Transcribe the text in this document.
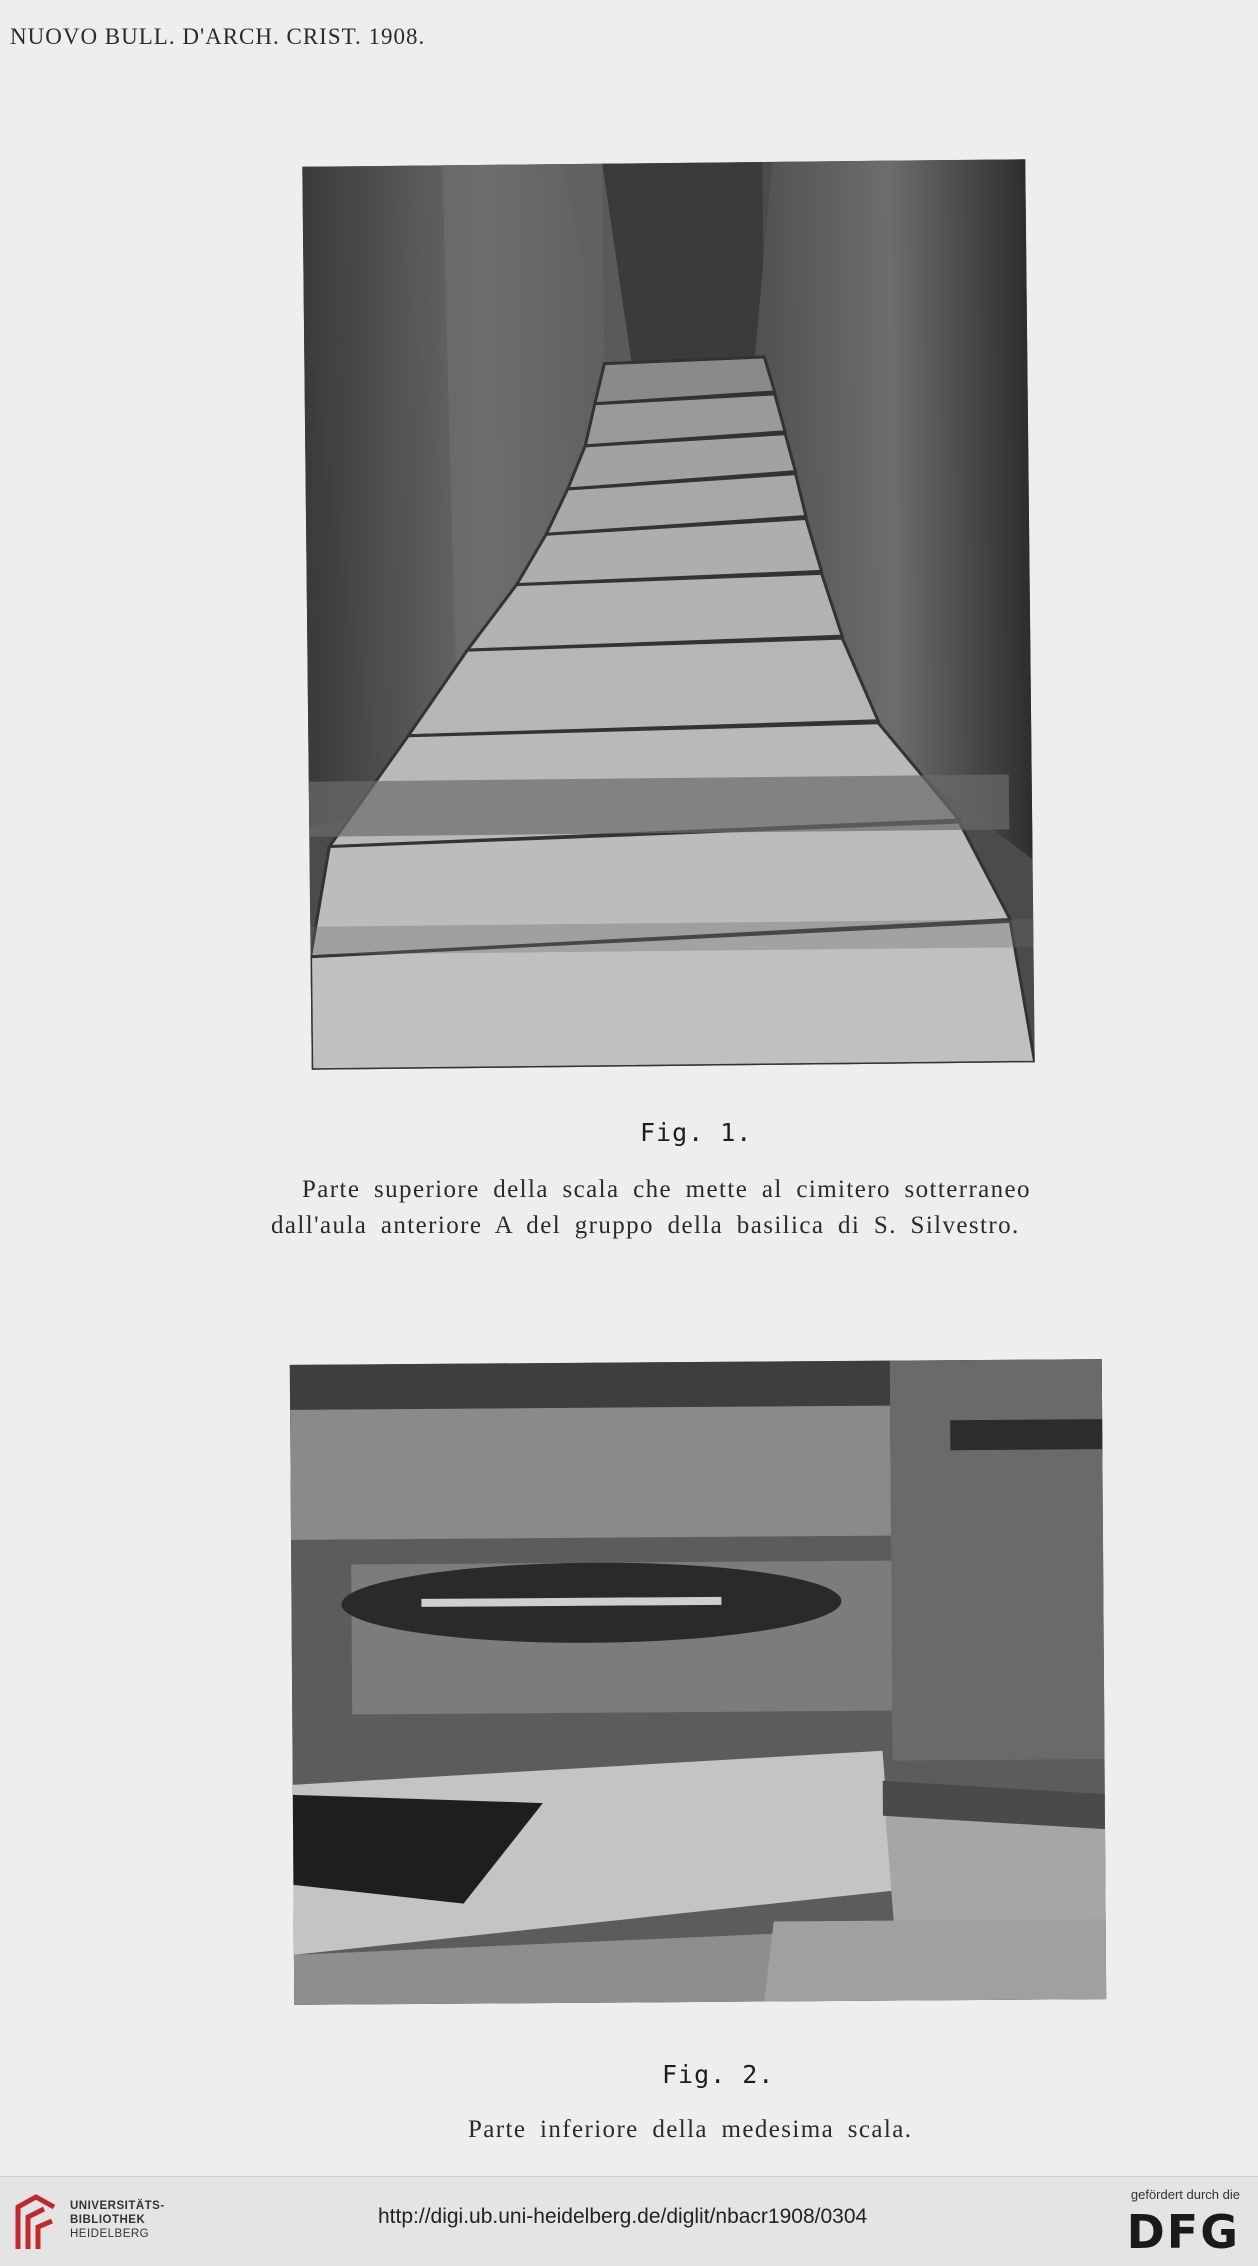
NUOVO BULL. D'ARCH. CRIST. 1908.
Fig. 1.
Parte superiore della scala che mette al cimitero sotterraneo
dall'aula anteriore A del gruppo della basilica di S. Silvestro.
Fig. 2.
Parte inferiore della medesima scala.
UNIVERSITÄTS-
BIBLIOTHEK
HEIDELBERG
http://digi.ub.uni-heidelberg.de/diglit/nbacr1908/0304
gefördert durch die
DFG
